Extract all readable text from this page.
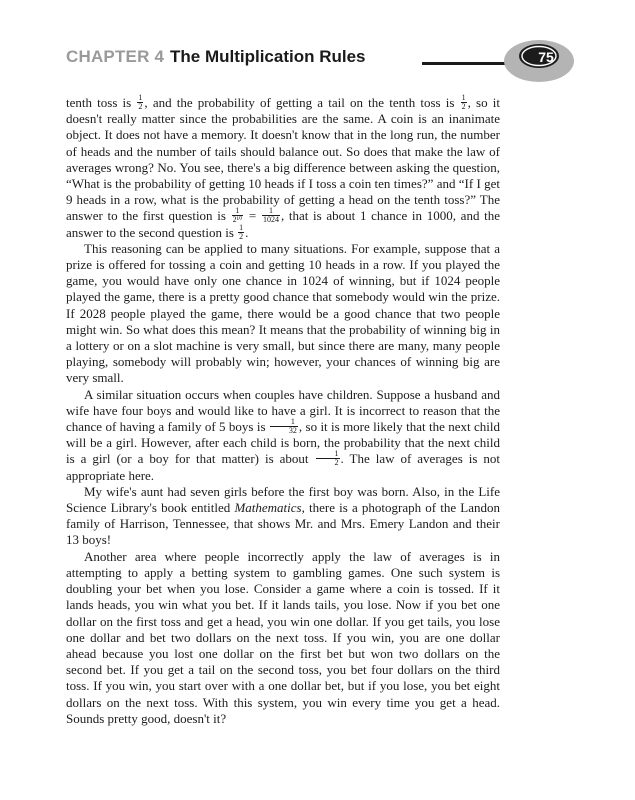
CHAPTER 4 The Multiplication Rules	75

tenth toss is $\frac{1}{2}$ , and the probability of getting a tail on the tenth toss is $\frac{1}{2}$ , so it doesn't really matter since the probabilities are the same. A coin is an inanimate object. It does not have a memory. It doesn't know that in the long run, the number of heads and the number of tails should balance out. So does that make the law of averages wrong? No. You see, there's a big difference between asking the question, “What is the probability of getting 10 heads if I toss a coin ten times?” and “If I get 9 heads in a row, what is the probability of getting a head on the tenth toss?” The answer to the first question is $\frac{1}{\text{2¹⁰}} = \frac{1}{1024}$ , that is about 1 chance in 1000, and the answer to the second question is $\frac{1}{2}$ .

This reasoning can be applied to many situations. For example, suppose that a prize is offered for tossing a coin and getting 10 heads in a row. If you played the game, you would have only one chance in 1024 of winning, but if 1024 people played the game, there is a pretty good chance that somebody would win the prize. If 2028 people played the game, there would be a good chance that two people might win. So what does this mean? It means that the probability of winning big in a lottery or on a slot machine is very small, but since there are many, many people playing, somebody will probably win; however, your chances of winning big are very small.

A similar situation occurs when couples have children. Suppose a husband and wife have four boys and would like to have a girl. It is incorrect to reason that the chance of having a family of 5 boys is $\frac{1}{32}$ , so it is more likely that the next child will be a girl. However, after each child is born, the probability that the next child is a girl (or a boy for that matter) is about $\frac{1}{2}$ . The law of averages is not appropriate here.

My wife's aunt had seven girls before the first boy was born. Also, in the Life Science Library's book entitled Mathematics, there is a photograph of the Landon family of Harrison, Tennessee, that shows Mr. and Mrs. Emery Landon and their 13 boys!

Another area where people incorrectly apply the law of averages is in attempting to apply a betting system to gambling games. One such system is doubling your bet when you lose. Consider a game where a coin is tossed. If it lands heads, you win what you bet. If it lands tails, you lose. Now if you bet one dollar on the first toss and get a head, you win one dollar. If you get tails, you lose one dollar and bet two dollars on the next toss. If you win, you are one dollar ahead because you lost one dollar on the first bet but won two dollars on the second bet. If you get a tail on the second toss, you bet four dollars on the third toss. If you win, you start over with a one dollar bet, but if you lose, you bet eight dollars on the next toss. With this system, you win every time you get a head. Sounds pretty good, doesn't it?
